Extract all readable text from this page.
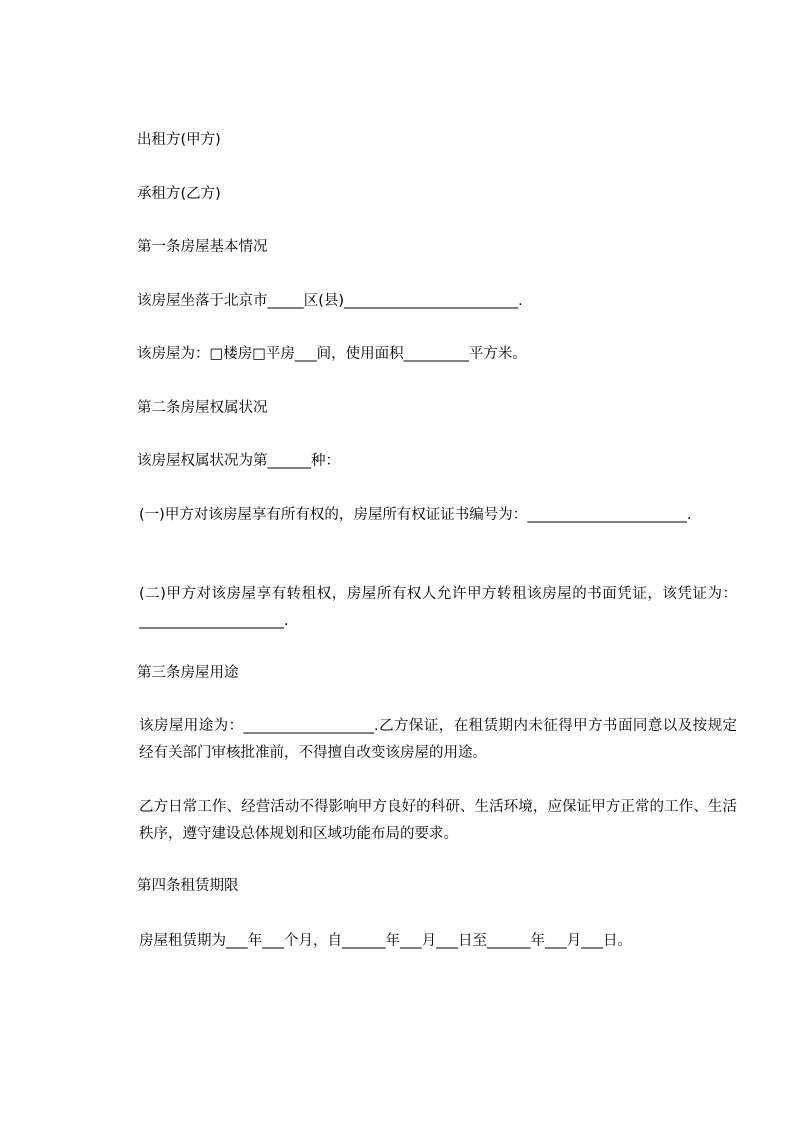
出租方(甲方)

承租方(乙方)

第一条房屋基本情况

该房屋坐落于北京市_____区(县)________________________.

该房屋为：□楼房□平房___间，使用面积_________平方米。

第二条房屋权属状况

该房屋权属状况为第______种：

(一)甲方对该房屋享有所有权的，房屋所有权证证书编号为：______________________.

(二)甲方对该房屋享有转租权，房屋所有权人允许甲方转租该房屋的书面凭证，该凭证为：____________________.

第三条房屋用途

该房屋用途为：__________________.乙方保证，在租赁期内未征得甲方书面同意以及按规定经有关部门审核批准前，不得擅自改变该房屋的用途。

乙方日常工作、经营活动不得影响甲方良好的科研、生活环境，应保证甲方正常的工作、生活秩序，遵守建设总体规划和区域功能布局的要求。

第四条租赁期限

房屋租赁期为___年___个月，自______年___月___日至______年___月___日。
